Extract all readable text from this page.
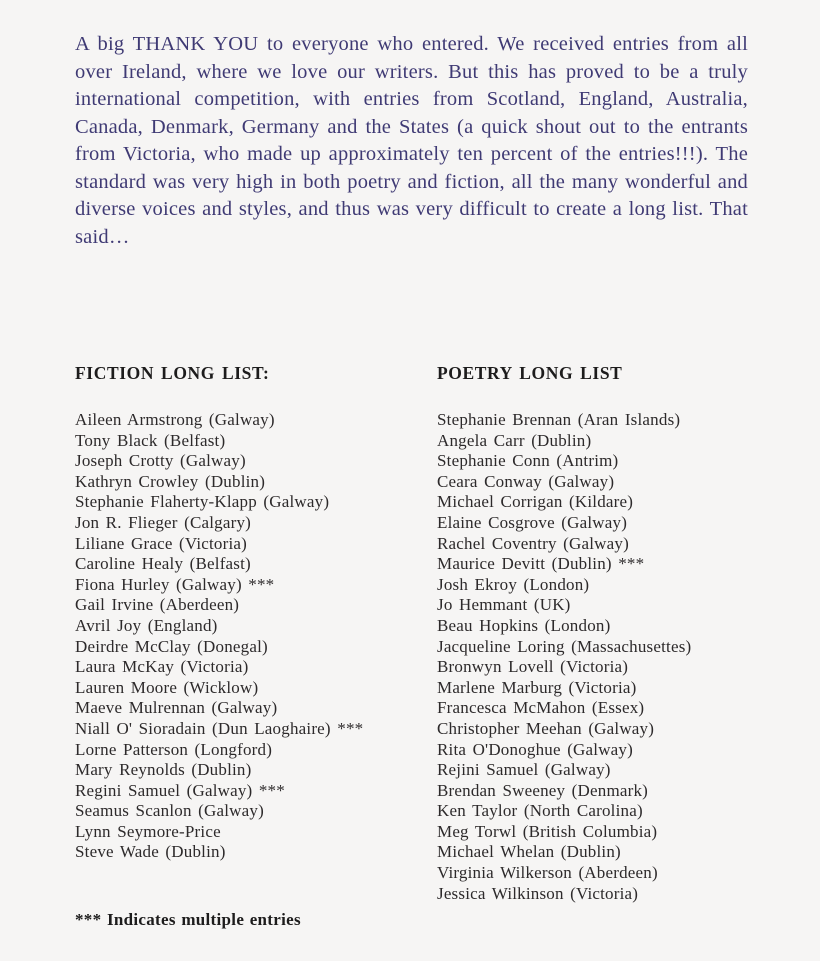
A big THANK YOU to everyone who entered. We received entries from all over Ireland, where we love our writers. But this has proved to be a truly international competition, with entries from Scotland, England, Australia, Canada, Denmark, Germany and the States (a quick shout out to the entrants from Victoria, who made up approximately ten percent of the entries!!!). The standard was very high in both poetry and fiction, all the many wonderful and diverse voices and styles, and thus was very difficult to create a long list. That said…

FICTION LONG LIST:
Aileen Armstrong (Galway)
Tony Black (Belfast)
Joseph Crotty (Galway)
Kathryn Crowley (Dublin)
Stephanie Flaherty-Klapp (Galway)
Jon R. Flieger (Calgary)
Liliane Grace (Victoria)
Caroline Healy (Belfast)
Fiona Hurley (Galway) ***
Gail Irvine (Aberdeen)
Avril Joy (England)
Deirdre McClay (Donegal)
Laura McKay (Victoria)
Lauren Moore (Wicklow)
Maeve Mulrennan (Galway)
Niall O' Sioradain (Dun Laoghaire) ***
Lorne Patterson (Longford)
Mary Reynolds (Dublin)
Regini Samuel (Galway) ***
Seamus Scanlon (Galway)
Lynn Seymore-Price
Steve Wade (Dublin)
*** Indicates multiple entries
POETRY LONG LIST
Stephanie Brennan (Aran Islands)
Angela Carr (Dublin)
Stephanie Conn (Antrim)
Ceara Conway (Galway)
Michael Corrigan (Kildare)
Elaine Cosgrove (Galway)
Rachel Coventry (Galway)
Maurice Devitt (Dublin) ***
Josh Ekroy (London)
Jo Hemmant (UK)
Beau Hopkins (London)
Jacqueline Loring (Massachusettes)
Bronwyn Lovell (Victoria)
Marlene Marburg (Victoria)
Francesca McMahon (Essex)
Christopher Meehan (Galway)
Rita O'Donoghue (Galway)
Rejini Samuel (Galway)
Brendan Sweeney (Denmark)
Ken Taylor (North Carolina)
Meg Torwl (British Columbia)
Michael Whelan (Dublin)
Virginia Wilkerson (Aberdeen)
Jessica Wilkinson (Victoria)
